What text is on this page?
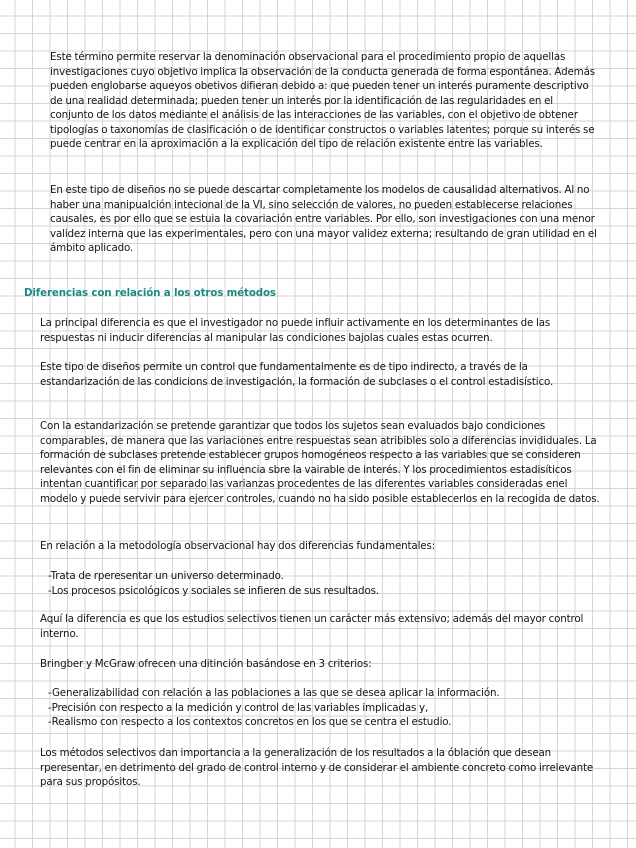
Este término permite reservar la denominación observacional para el procedimiento propio de aquellas investigaciones cuyo objetivo implica la observación de la conducta generada de forma espontánea. Además pueden englobarse aqueyos obetivos difieran debido a: que pueden tener un interés puramente descriptivo de una realidad determinada; pueden tener un interés por la identificación de las regularidades en el conjunto de los datos mediante el análisis de las interacciones de las variables, con el objetivo de obtener tipologías o taxonomías de clasificación o de identificar constructos o variables latentes; porque su interés se puede centrar en la aproximación a la explicación del tipo de relación existente entre las variables.

En este tipo de diseños no se puede descartar completamente los modelos de causalidad alternativos. Al no haber una manipualción intecional de la VI, sino selección de valores, no pueden establecerse relaciones causales, es por ello que se estuia la covariación entre variables. Por ello, son investigaciones con una menor validez interna que las experimentales, pero con una mayor validez externa; resultando de gran utilidad en el ámbito aplicado.

Diferencias con relación a los otros métodos

La principal diferencia es que el investigador no puede influir activamente en los determinantes de las respuestas ni inducir diferencias al manipular las condiciones bajolas cuales estas ocurren.

Este tipo de diseños permite un control que fundamentalmente es de tipo indirecto, a través de la estandarización de las condicions de investigación, la formación de subclases o el control estadisístico.

Con la estandarización se pretende garantizar que todos los sujetos sean evaluados bajo condiciones comparables, de manera que las variaciones entre respuestas sean atribibles solo a diferencias invididuales. La formación de subclases pretende establecer grupos homogéneos respecto a las variables que se consideren relevantes con el fin de eliminar su influencia sbre la vairable de interés. Y los procedimientos estadisíticos intentan cuantificar por separado las varianzas procedentes de las diferentes variables consideradas enel modelo y puede servivir para ejercer controles, cuando no ha sido posible establecerlos en la recogida de datos.

En relación a la metodología observacional hay dos diferencias fundamentales:

-Trata de rperesentar un universo determinado.
-Los procesos psicológicos y sociales se infieren de sus resultados.

Aquí la diferencia es que los estudios selectivos tienen un carácter más extensivo; además del mayor control interno.

Bringber y McGraw ofrecen una ditinción basándose en 3 criterios:

-Generalizabilidad con relación a las poblaciones a las que se desea aplicar la información.
-Precisión con respecto a la medición y control de las variables implicadas y,
-Realismo con respecto a los contextos concretos en los que se centra el estudio.

Los métodos selectivos dan importancia a la generalización de los resultados a la óblación que desean rperesentar, en detrimento del grado de control interno y de considerar el ambiente concreto como irrelevante para sus propósitos.
